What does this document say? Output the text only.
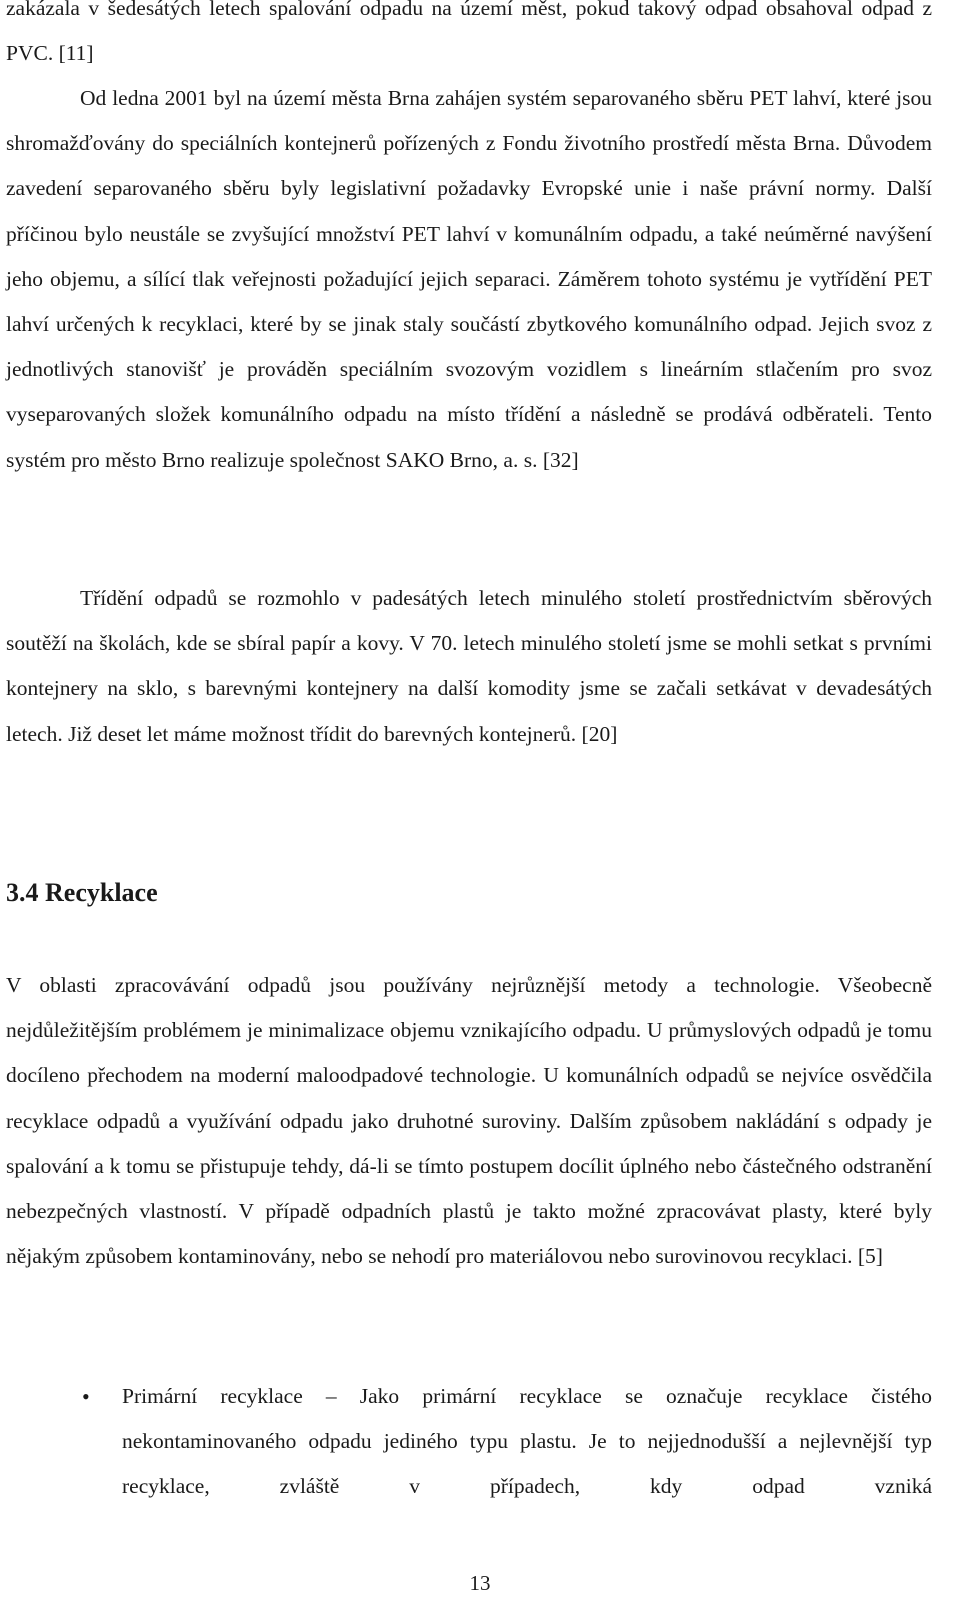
zakázala v šedesátých letech spalování odpadu na území měst, pokud takový odpad obsahoval odpad z PVC. [11]
Od ledna 2001 byl na území města Brna zahájen systém separovaného sběru PET lahví, které jsou shromažďovány do speciálních kontejnerů pořízených z Fondu životního prostředí města Brna. Důvodem zavedení separovaného sběru byly legislativní požadavky Evropské unie i naše právní normy. Další příčinou bylo neustále se zvyšující množství PET lahví v komunálním odpadu, a také neúměrné navýšení jeho objemu, a sílící tlak veřejnosti požadující jejich separaci. Záměrem tohoto systému je vytřídění PET lahví určených k recyklaci, které by se jinak staly součástí zbytkového komunálního odpad. Jejich svoz z jednotlivých stanovišť je prováděn speciálním svozovým vozidlem s lineárním stlačením pro svoz vyseparovaných složek komunálního odpadu na místo třídění a následně se prodává odběrateli. Tento systém pro město Brno realizuje společnost SAKO Brno, a. s. [32]
Třídění odpadů se rozmohlo v padesátých letech minulého století prostřednictvím sběrových soutěží na školách, kde se sbíral papír a kovy. V 70. letech minulého století jsme se mohli setkat s prvními kontejnery na sklo, s barevnými kontejnery na další komodity jsme se začali setkávat v devadesátých letech. Již deset let máme možnost třídit do barevných kontejnerů. [20]
3.4 Recyklace
V oblasti zpracovávání odpadů jsou používány nejrůznější metody a technologie. Všeobecně nejdůležitějším problémem je minimalizace objemu vznikajícího odpadu. U průmyslových odpadů je tomu docíleno přechodem na moderní maloodpadové technologie. U komunálních odpadů se nejvíce osvědčila recyklace odpadů a využívání odpadu jako druhotné suroviny. Dalším způsobem nakládání s odpady je spalování a k tomu se přistupuje tehdy, dá-li se tímto postupem docílit úplného nebo částečného odstranění nebezpečných vlastností. V případě odpadních plastů je takto možné zpracovávat plasty, které byly nějakým způsobem kontaminovány, nebo se nehodí pro materiálovou nebo surovinovou recyklaci. [5]
• Primární recyklace – Jako primární recyklace se označuje recyklace čistého nekontaminovaného odpadu jediného typu plastu. Je to nejjednodušší a nejlevnější typ recyklace, zvláště v případech, kdy odpad vzniká
13
